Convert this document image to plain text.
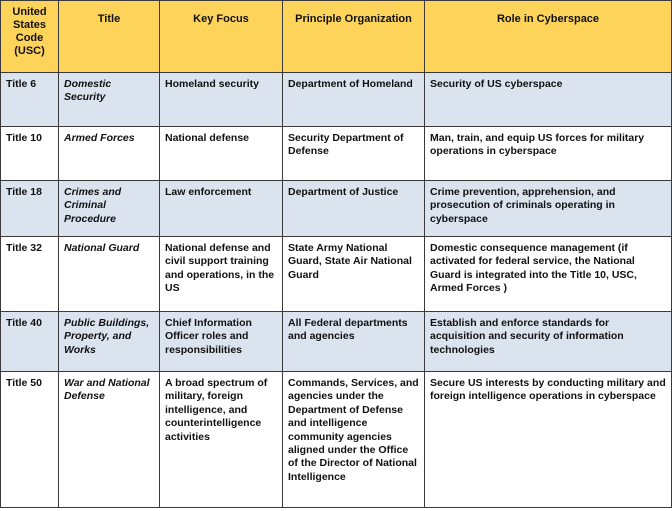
United States Code (USC)	Title	Key Focus	Principle Organization	Role in Cyberspace
Title 6	Domestic Security	Homeland security	Department of Homeland	Security of US cyberspace
Title 10	Armed Forces	National defense	Security Department of Defense	Man, train, and equip US forces for military operations in cyberspace
Title 18	Crimes and Criminal Procedure	Law enforcement	Department of Justice	Crime prevention, apprehension, and prosecution of criminals operating in cyberspace
Title 32	National Guard	National defense and civil support training and operations, in the US	State Army National Guard, State Air National Guard	Domestic consequence management (if activated for federal service, the National Guard is integrated into the Title 10, USC, Armed Forces )
Title 40	Public Buildings, Property, and Works	Chief Information Officer roles and responsibilities	All Federal departments and agencies	Establish and enforce standards for acquisition and security of information technologies
Title 50	War and National Defense	A broad spectrum of military, foreign intelligence, and counterintelligence activities	Commands, Services, and agencies under the Department of Defense and intelligence community agencies aligned under the Office of the Director of National Intelligence	Secure US interests by conducting military and foreign intelligence operations in cyberspace
